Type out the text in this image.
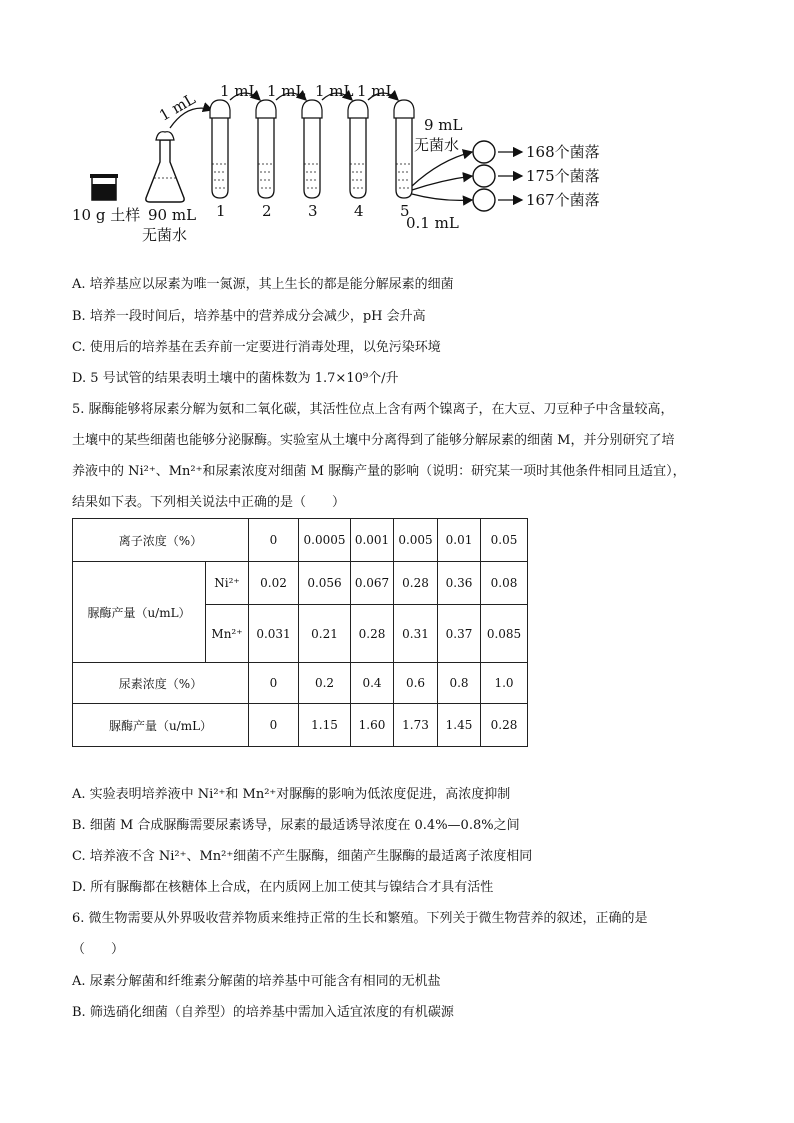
1 mL 1 mL 1 mL 1 mL 1 mL
10 g 土样 90 mL
无菌水
1 2 3 4 5
9 mL
无菌水
0.1 mL
168个菌落
175个菌落
167个菌落
A. 培养基应以尿素为唯一氮源，其上生长的都是能分解尿素的细菌
B. 培养一段时间后，培养基中的营养成分会减少，pH 会升高
C. 使用后的培养基在丢弃前一定要进行消毒处理，以免污染环境
D. 5 号试管的结果表明土壤中的菌株数为 1.7×10⁹个/升
5. 脲酶能够将尿素分解为氨和二氧化碳，其活性位点上含有两个镍离子，在大豆、刀豆种子中含量较高，
土壤中的某些细菌也能够分泌脲酶。实验室从土壤中分离得到了能够分解尿素的细菌 M，并分别研究了培
养液中的 Ni²⁺、Mn²⁺和尿素浓度对细菌 M 脲酶产量的影响（说明：研究某一项时其他条件相同且适宜），
结果如下表。下列相关说法中正确的是（　　）
离子浓度（%）		0	0.0005	0.001	0.005	0.01	0.05
脲酶产量（u/mL）	Ni²⁺	0.02	0.056	0.067	0.28	0.36	0.08
	Mn²⁺	0.031	0.21	0.28	0.31	0.37	0.085
尿素浓度（%）		0	0.2	0.4	0.6	0.8	1.0
脲酶产量（u/mL）		0	1.15	1.60	1.73	1.45	0.28
A. 实验表明培养液中 Ni²⁺和 Mn²⁺对脲酶的影响为低浓度促进，高浓度抑制
B. 细菌 M 合成脲酶需要尿素诱导，尿素的最适诱导浓度在 0.4%—0.8%之间
C. 培养液不含 Ni²⁺、Mn²⁺细菌不产生脲酶，细菌产生脲酶的最适离子浓度相同
D. 所有脲酶都在核糖体上合成，在内质网上加工使其与镍结合才具有活性
6. 微生物需要从外界吸收营养物质来维持正常的生长和繁殖。下列关于微生物营养的叙述，正确的是
（　　）
A. 尿素分解菌和纤维素分解菌的培养基中可能含有相同的无机盐
B. 筛选硝化细菌（自养型）的培养基中需加入适宜浓度的有机碳源
